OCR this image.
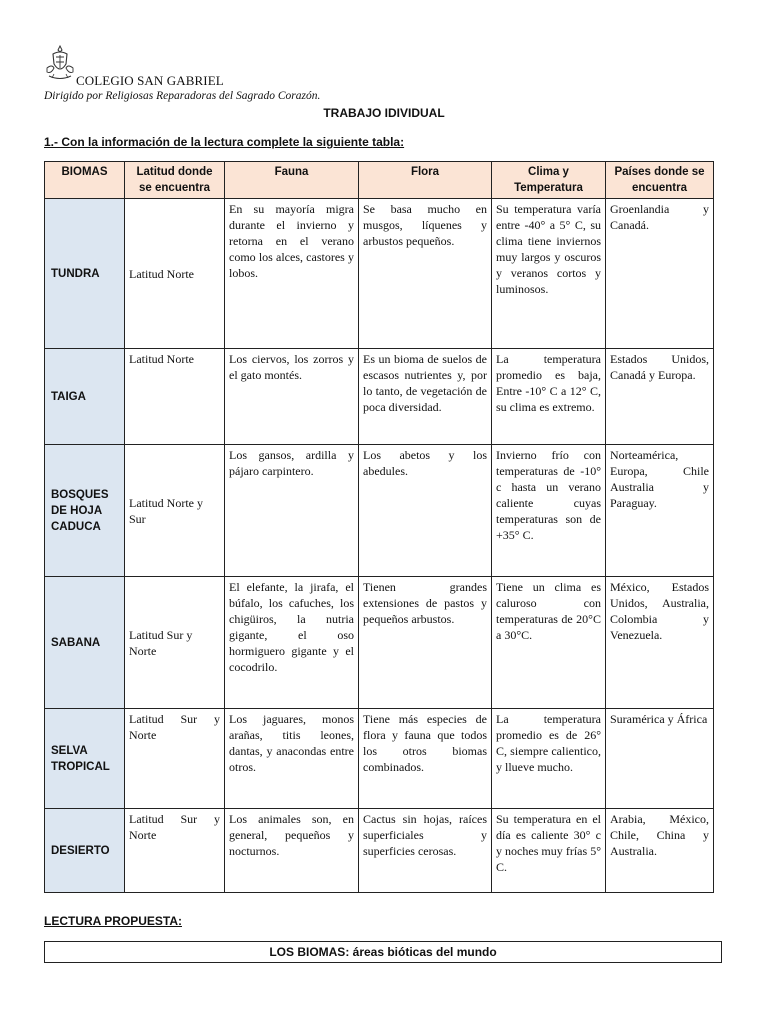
COLEGIO SAN GABRIEL
Dirigido por Religiosas Reparadoras del Sagrado Corazón.
TRABAJO IDIVIDUAL
1.- Con la información de la lectura complete la siguiente tabla:
BIOMAS	Latitud donde se encuentra	Fauna	Flora	Clima y Temperatura	Países donde se encuentra
TUNDRA	Latitud Norte	En su mayoría migra durante el invierno y retorna en el verano como los alces, castores y lobos.	Se basa mucho en musgos, líquenes y arbustos pequeños.	Su temperatura varía entre -40° a 5° C, su clima tiene inviernos muy largos y oscuros y veranos cortos y luminosos.	Groenlandia y Canadá.
TAIGA	Latitud Norte	Los ciervos, los zorros y el gato montés.	Es un bioma de suelos de escasos nutrientes y, por lo tanto, de vegetación de poca diversidad.	La temperatura promedio es baja, Entre -10° C a 12° C, su clima es extremo.	Estados Unidos, Canadá y Europa.
BOSQUES DE HOJA CADUCA	Latitud Norte y Sur	Los gansos, ardilla y pájaro carpintero.	Los abetos y los abedules.	Invierno frío con temperaturas de -10° c hasta un verano caliente cuyas temperaturas son de +35° C.	Norteamérica, Europa, Chile Australia y Paraguay.
SABANA	Latitud Sur y Norte	El elefante, la jirafa, el búfalo, los cafuches, los chigüiros, la nutria gigante, el oso hormiguero gigante y el cocodrilo.	Tienen grandes extensiones de pastos y pequeños arbustos.	Tiene un clima es caluroso con temperaturas de 20°C a 30°C.	México, Estados Unidos, Australia, Colombia y Venezuela.
SELVA TROPICAL	Latitud Sur y Norte	Los jaguares, monos arañas, titis leones, dantas, y anacondas entre otros.	Tiene más especies de flora y fauna que todos los otros biomas combinados.	La temperatura promedio es de 26° C, siempre calientico, y llueve mucho.	Suramérica y África
DESIERTO	Latitud Sur y Norte	Los animales son, en general, pequeños y nocturnos.	Cactus sin hojas, raíces superficiales y superficies cerosas.	Su temperatura en el día es caliente 30° c y noches muy frías 5° C.	Arabia, México, Chile, China y Australia.
LECTURA PROPUESTA:
LOS BIOMAS: áreas bióticas del mundo
